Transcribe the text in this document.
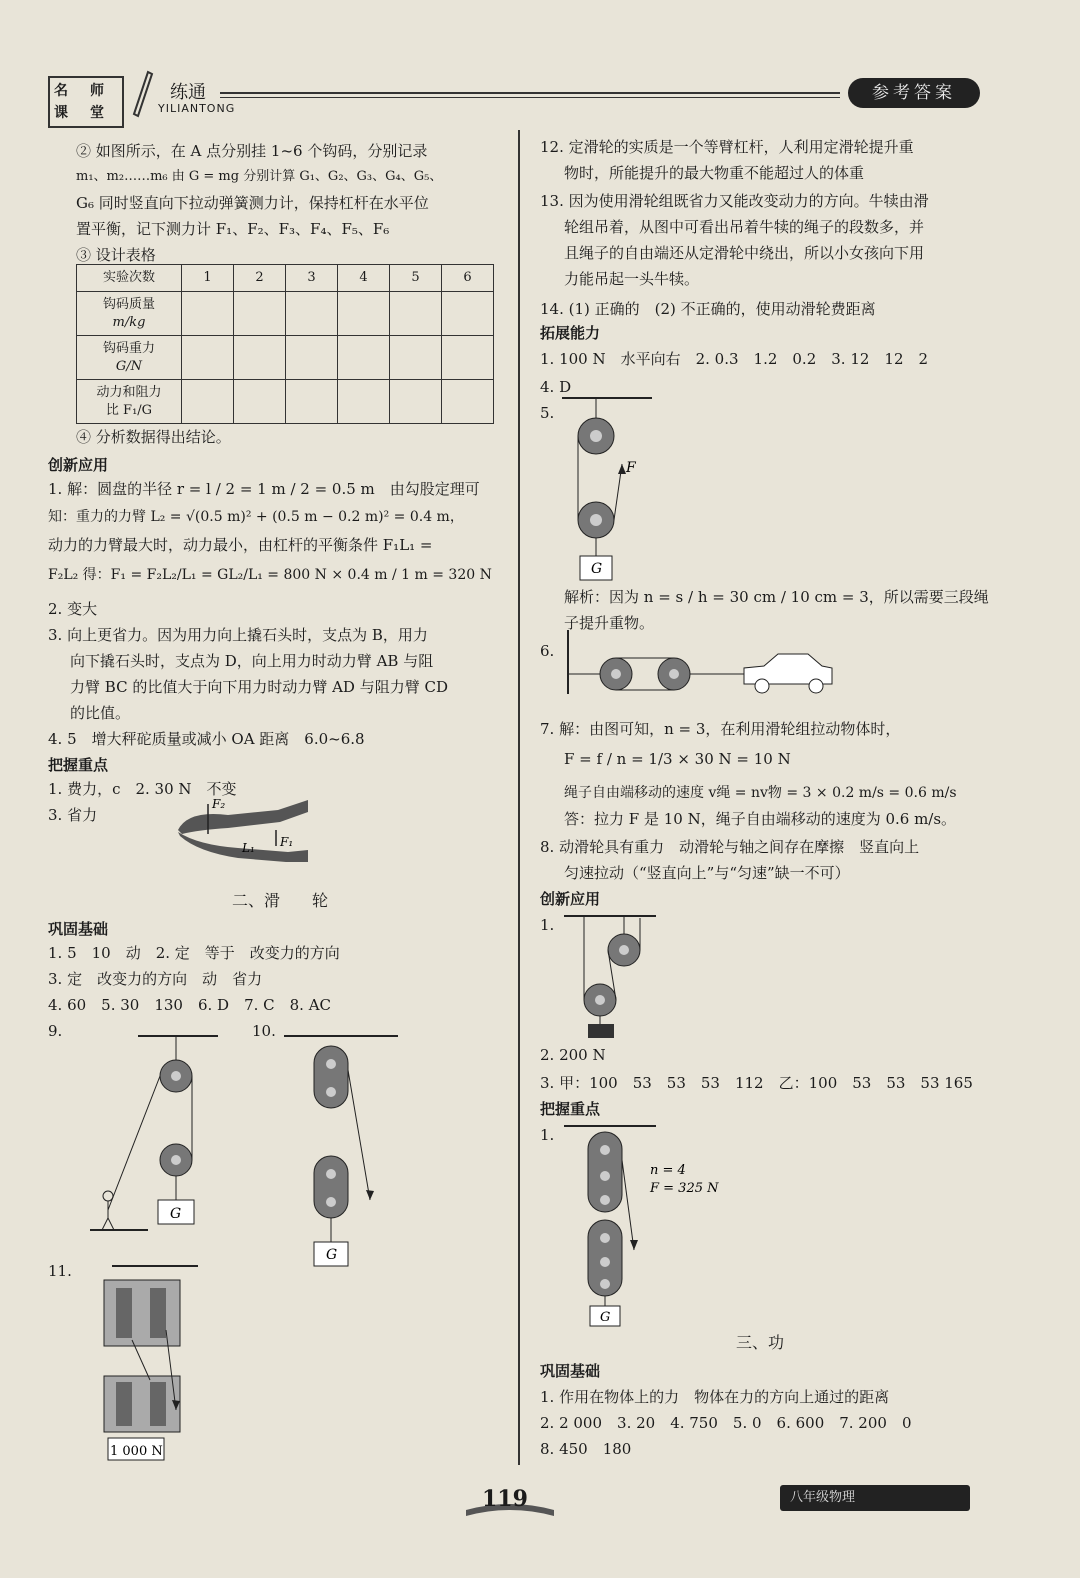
名 师
课 堂
练通
YILIANTONG
参考答案
② 如图所示，在 A 点分别挂 1~6 个钩码，分别记录
m₁、m₂……m₆ 由 G = mg 分别计算 G₁、G₂、G₃、G₄、G₅、
G₆ 同时竖直向下拉动弹簧测力计，保持杠杆在水平位
置平衡，记下测力计 F₁、F₂、F₃、F₄、F₅、F₆
③ 设计表格
实验次数	1	2	3	4	5	6
钩码质量
m/kg						
钩码重力
G/N						
动力和阻力
比 F₁/G						
④ 分析数据得出结论。
创新应用
1. 解：圆盘的半径 r = l / 2 = 1 m / 2 = 0.5 m　由勾股定理可
知：重力的力臂 L₂ = √(0.5 m)² + (0.5 m − 0.2 m)² = 0.4 m，
动力的力臂最大时，动力最小，由杠杆的平衡条件 F₁L₁ =
F₂L₂ 得：F₁ = F₂L₂/L₁ = GL₂/L₁ = 800 N × 0.4 m / 1 m = 320 N
2. 变大
3. 向上更省力。因为用力向上撬石头时，支点为 B，用力
向下撬石头时，支点为 D，向上用力时动力臂 AB 与阻
力臂 BC 的比值大于向下用力时动力臂 AD 与阻力臂 CD
的比值。
4. 5　增大秤砣质量或减小 OA 距离　6.0~6.8
把握重点
1. 费力，c　2. 30 N　不变
3. 省力
F₂
F₁
L₁
二、滑　　轮
巩固基础
1. 5　10　动　2. 定　等于　改变力的方向
3. 定　改变力的方向　动　省力
4. 60　5. 30　130　6. D　7. C　8. AC
9.	10.
G
G
11.
1 000 N
12. 定滑轮的实质是一个等臂杠杆，人利用定滑轮提升重
物时，所能提升的最大物重不能超过人的体重
13. 因为使用滑轮组既省力又能改变动力的方向。牛犊由滑
轮组吊着，从图中可看出吊着牛犊的绳子的段数多，并
且绳子的自由端还从定滑轮中绕出，所以小女孩向下用
力能吊起一头牛犊。
14. (1) 正确的　(2) 不正确的，使用动滑轮费距离
拓展能力
1. 100 N　水平向右　2. 0.3　1.2　0.2　3. 12　12　2
4. D
5.
F
G
解析：因为 n = s / h = 30 cm / 10 cm = 3，所以需要三段绳
子提升重物。
6.
7. 解：由图可知，n = 3，在利用滑轮组拉动物体时，
F = f / n = 1/3 × 30 N = 10 N
绳子自由端移动的速度 v绳 = nv物 = 3 × 0.2 m/s = 0.6 m/s
答：拉力 F 是 10 N，绳子自由端移动的速度为 0.6 m/s。
8. 动滑轮具有重力　动滑轮与轴之间存在摩擦　竖直向上
匀速拉动（“竖直向上”与“匀速”缺一不可）
创新应用
1.
2. 200 N
3. 甲：100　53　53　53　112　乙：100　53　53　53 165
把握重点
1.
n = 4
F = 325 N
G
三、功
巩固基础
1. 作用在物体上的力　物体在力的方向上通过的距离
2. 2 000　3. 20　4. 750　5. 0　6. 600　7. 200　0
8. 450　180
119	八年级物理
